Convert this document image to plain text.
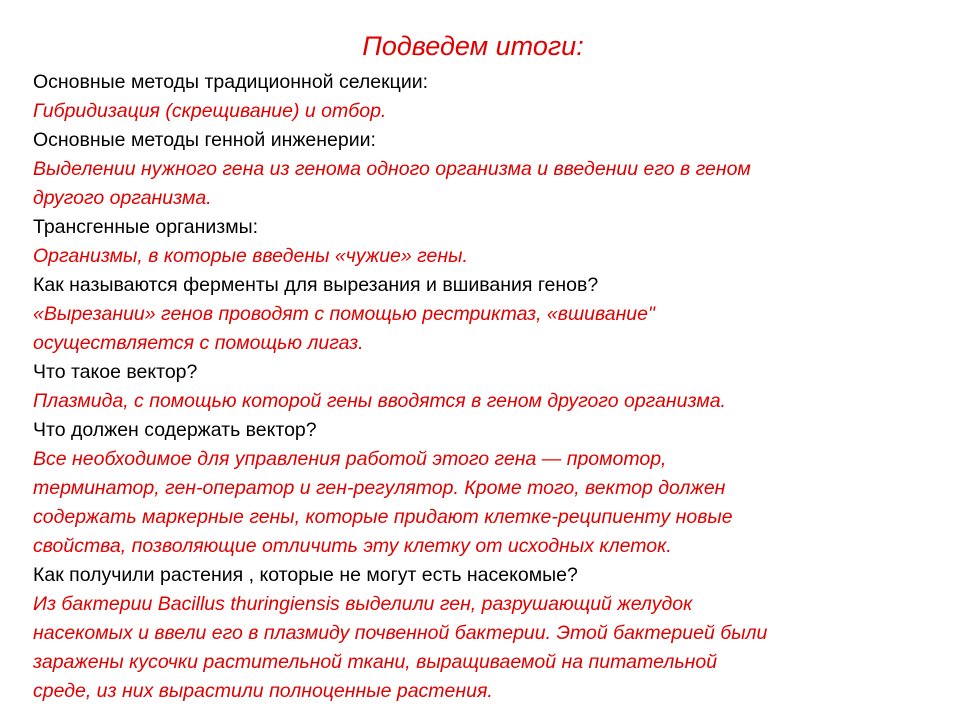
Подведем итоги:
Основные методы традиционной селекции:
Гибридизация (скрещивание) и отбор.
Основные методы генной инженерии:
Выделении нужного гена из генома одного организма и введении его в геном
другого организма.
Трансгенные организмы:
Организмы, в которые введены «чужие» гены.
Как называются ферменты для вырезания и вшивания генов?
«Вырезании» генов проводят с помощью рестриктаз, «вшивание"
осуществляется с помощью лигаз.
Что такое вектор?
Плазмида, с помощью которой гены вводятся в геном другого организма.
Что должен содержать вектор?
Все необходимое для управления работой этого гена — промотор,
терминатор, ген-оператор и ген-регулятор. Кроме того, вектор должен
содержать маркерные гены, которые придают клетке-реципиенту новые
свойства, позволяющие отличить эту клетку от исходных клеток.
Как получили растения , которые не могут есть насекомые?
Из бактерии Bacillus thuringiensis выделили ген, разрушающий желудок
насекомых и ввели его в плазмиду почвенной бактерии. Этой бактерией были
заражены кусочки растительной ткани, выращиваемой на питательной
среде, из них вырастили полноценные растения.
